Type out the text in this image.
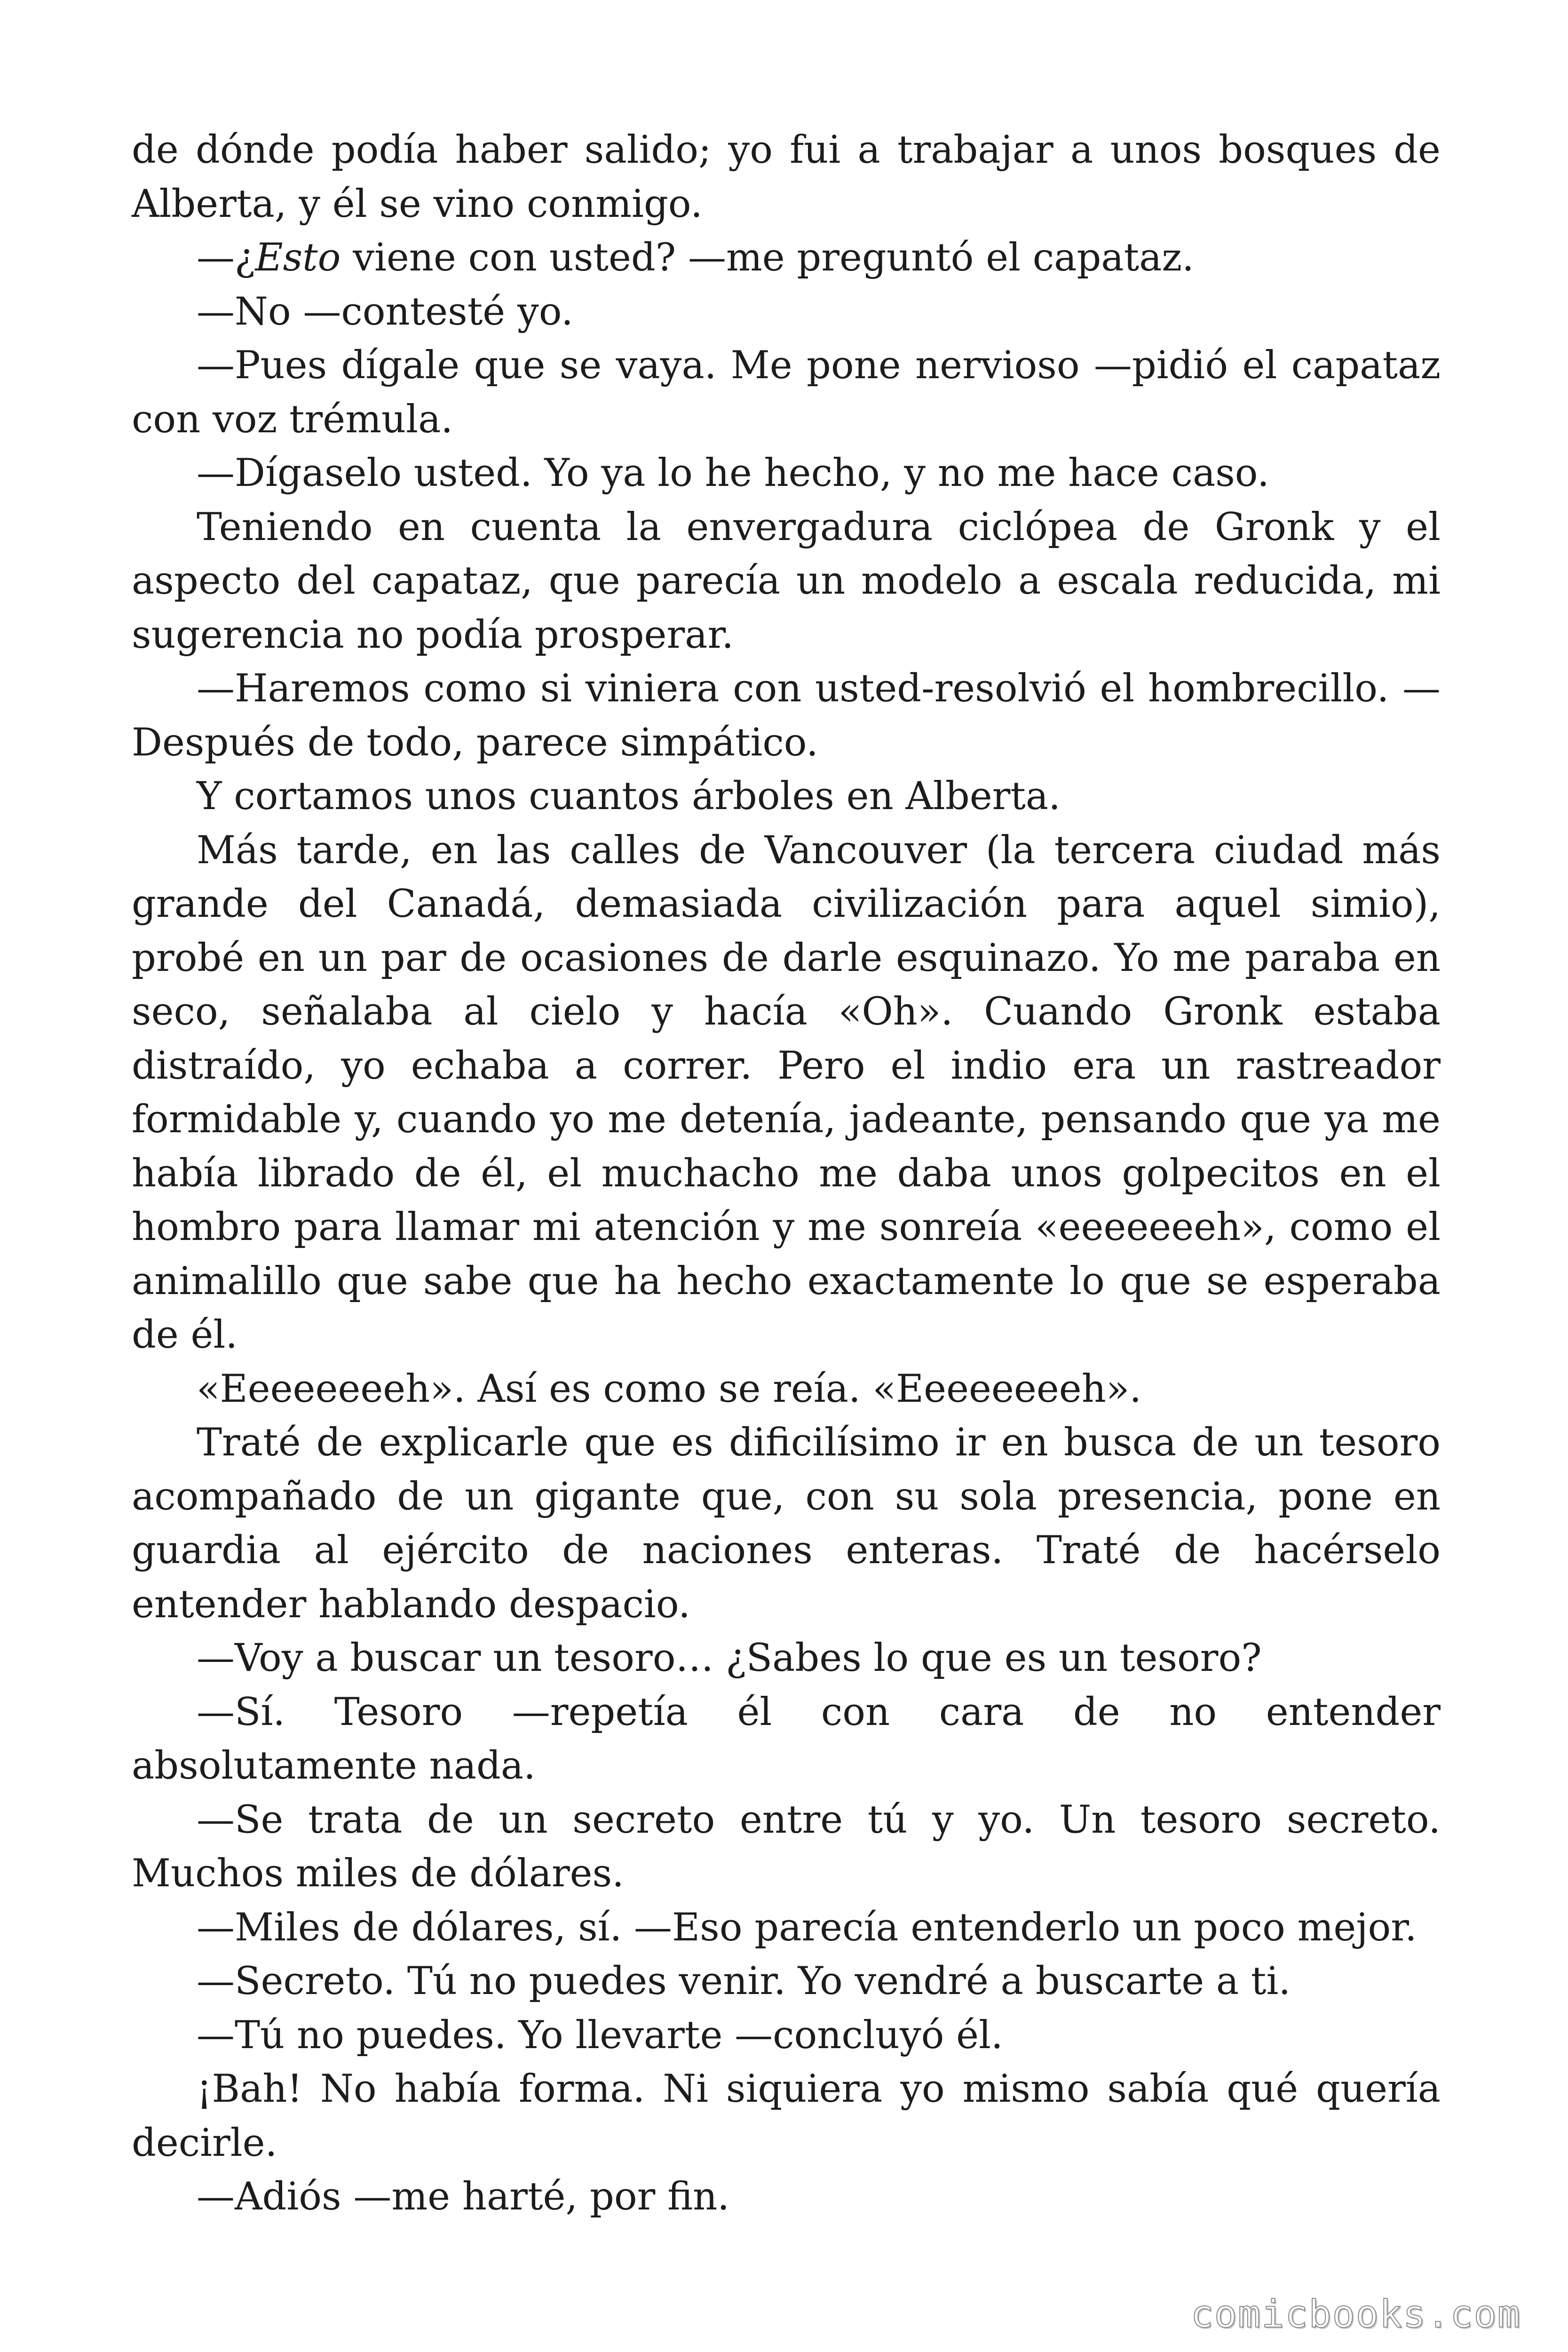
de dónde podía haber salido; yo fui a trabajar a unos bosques de Alberta, y él se vino conmigo.

—¿Esto viene con usted? —me preguntó el capataz.

—No —contesté yo.

—Pues dígale que se vaya. Me pone nervioso —pidió el capataz con voz trémula.

—Dígaselo usted. Yo ya lo he hecho, y no me hace caso.

Teniendo en cuenta la envergadura ciclópea de Gronk y el aspecto del capataz, que parecía un modelo a escala reducida, mi sugerencia no podía prosperar.

—Haremos como si viniera con usted-resolvió el hombrecillo. —Después de todo, parece simpático.

Y cortamos unos cuantos árboles en Alberta.

Más tarde, en las calles de Vancouver (la tercera ciudad más grande del Canadá, demasiada civilización para aquel simio), probé en un par de ocasiones de darle esquinazo. Yo me paraba en seco, señalaba al cielo y hacía «Oh». Cuando Gronk estaba distraído, yo echaba a correr. Pero el indio era un rastreador formidable y, cuando yo me detenía, jadeante, pensando que ya me había librado de él, el muchacho me daba unos golpecitos en el hombro para llamar mi atención y me sonreía «eeeeeeeh», como el animalillo que sabe que ha hecho exactamente lo que se esperaba de él.

«Eeeeeeeeh». Así es como se reía. «Eeeeeeeeh».

Traté de explicarle que es dificilísimo ir en busca de un tesoro acompañado de un gigante que, con su sola presencia, pone en guardia al ejército de naciones enteras. Traté de hacérselo entender hablando despacio.

—Voy a buscar un tesoro… ¿Sabes lo que es un tesoro?

—Sí. Tesoro —repetía él con cara de no entender absolutamente nada.

—Se trata de un secreto entre tú y yo. Un tesoro secreto. Muchos miles de dólares.

—Miles de dólares, sí. —Eso parecía entenderlo un poco mejor.

—Secreto. Tú no puedes venir. Yo vendré a buscarte a ti.

—Tú no puedes. Yo llevarte —concluyó él.

¡Bah! No había forma. Ni siquiera yo mismo sabía qué quería decirle.

—Adiós —me harté, por fin.

comicbooks.com
